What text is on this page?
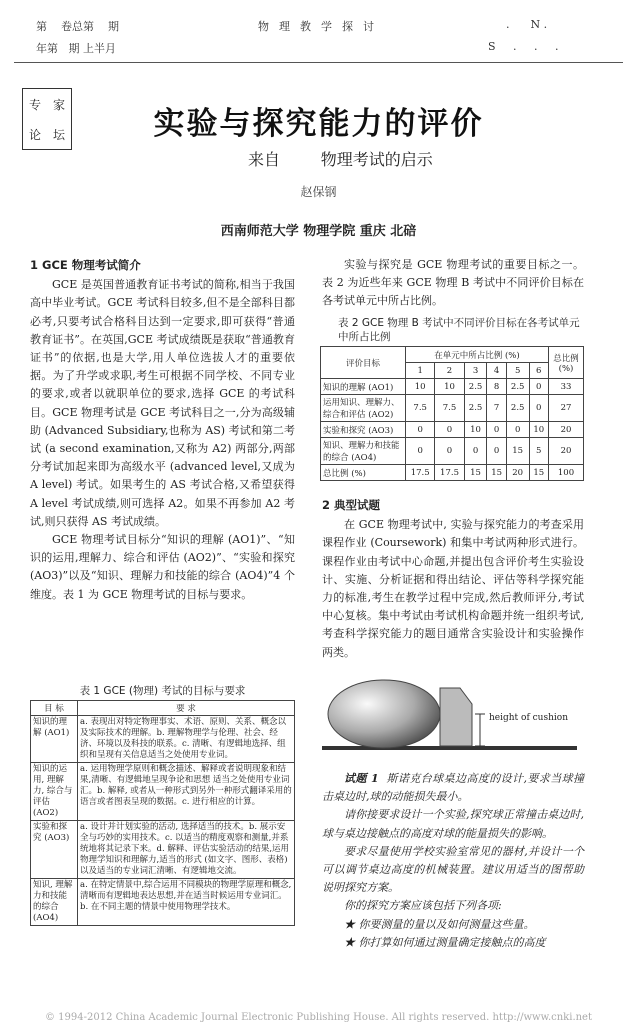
第    卷总第    期	物  理  教  学  探  讨	.      N .
年第   期 上半月	S     .     .     .
专 家
论 坛	实验与探究能力的评价
来自        物理考试的启示
赵保钢
西南师范大学 物理学院 重庆 北碚

1 GCE 物理考试简介

GCE 是英国普通教育证书考试的简称,相当于我国高中毕业考试。GCE 考试科目较多,但不是全部科目都必考,只要考试合格科目达到一定要求,即可获得“普通教育证书”。在英国,GCE 考试成绩既是获取“普通教育证书”的依据,也是大学,用人单位选拔人才的重要依据。为了升学或求职,考生可根据不同学校、不同专业的要求,或者以就职单位的要求,选择 GCE 的考试科目。GCE 物理考试是 GCE 考试科目之一,分为高级辅助 (Advanced Subsidiary,也称为 AS) 考试和第二考试 (a second examination,又称为 A2) 两部分,两部分考试加起来即为高级水平 (advanced level,又成为 A level) 考试。如果考生的 AS 考试合格,又希望获得 A level 考试成绩,则可选择 A2。如果不再参加 A2 考试,则只获得 AS 考试成绩。

GCE 物理考试目标分“知识的理解 (AO1)”、“知识的运用,理解力、综合和评估 (AO2)”、“实验和探究 (AO3)”以及“知识、理解力和技能的综合 (AO4)”4 个维度。表 1 为 GCE 物理考试的目标与要求。

表 1 GCE (物理) 考试的目标与要求
目 标	要 求
知识的理解 (AO1)	a. 表现出对特定物理事实、术语、原则、关系、概念以及实际技术的理解。b. 理解物理学与伦理、社会、经济、环境以及科技的联系。c. 清晰、有逻辑地选择、组织和呈现有关信息适当之处使用专业词。
知识的运用, 理解力, 综合与评估 (AO2)	a. 运用物理学原则和概念描述、解释或者说明现象和结果,清晰、有逻辑地呈现争论和思想 适当之处使用专业词汇。b. 解释, 或者从一种形式到另外一种形式翻译采用的语言或者图表呈现的数据。c. 进行相应的计算。
实验和探究 (AO3)	a. 设计并计划实验的活动, 选择适当的技术。b. 展示安全与巧妙的实用技术。c. 以适当的精度观察和测量,并系统地将其记录下来。d. 解释、评估实验活动的结果,运用物理学知识和理解力,适当的形式 (如文字、图形、表格) 以及适当的专业词汇清晰、有逻辑地交流。
知识, 理解力和技能的综合 (AO4)	a. 在特定情景中,综合运用不同模块的物理学原理和概念,清晰而有逻辑地表达思想,并在适当时候运用专业词汇。b. 在不同主题的情景中使用物理学技术。

实验与探究是 GCE 物理考试的重要目标之一。表 2 为近些年来 GCE 物理 B 考试中不同评价目标在各考试单元中所占比例。

表 2 GCE 物理 B 考试中不同评价目标在各考试单元中所占比例
评价目标	在单元中所占比例 (%)						总比例 (%)
	1	2	3	4	5	6	
知识的理解 (AO1)	10	10	2.5	8	2.5	0	33
运用知识、理解力、综合和评估 (AO2)	7.5	7.5	2.5	7	2.5	0	27
实验和探究 (AO3)	0	0	10	0	0	10	20
知识、理解力和技能的综合 (AO4)	0	0	0	0	15	5	20
总比例 (%)	17.5	17.5	15	15	20	15	100

2 典型试题

在 GCE 物理考试中, 实验与探究能力的考查采用课程作业 (Coursework) 和集中考试两种形式进行。课程作业由考试中心命题,并提出包含评价考生实验设计、实施、分析证据和得出结论、评估等科学探究能力的标准,考生在教学过程中完成,然后教师评分,考试中心复核。集中考试由考试机构命题并统一组织考试,考查科学探究能力的题目通常含实验设计和实验操作两类。

height of cushion

试题 1 斯诺克台球桌边高度的设计,要求当球撞击桌边时,球的动能损失最小。

请你接要求设计一个实验,探究球正常撞击桌边时,球与桌边接触点的高度对球的能量损失的影响。

要求尽量使用学校实验室常见的器材,并设计一个可以调节桌边高度的机械装置。建议用适当的图帮助说明探究方案。

你的探究方案应该包括下列各项:

★ 你要测量的量以及如何测量这些量。

★ 你打算如何通过测量确定接触点的高度

© 1994-2012 China Academic Journal Electronic Publishing House. All rights reserved. http://www.cnki.net
